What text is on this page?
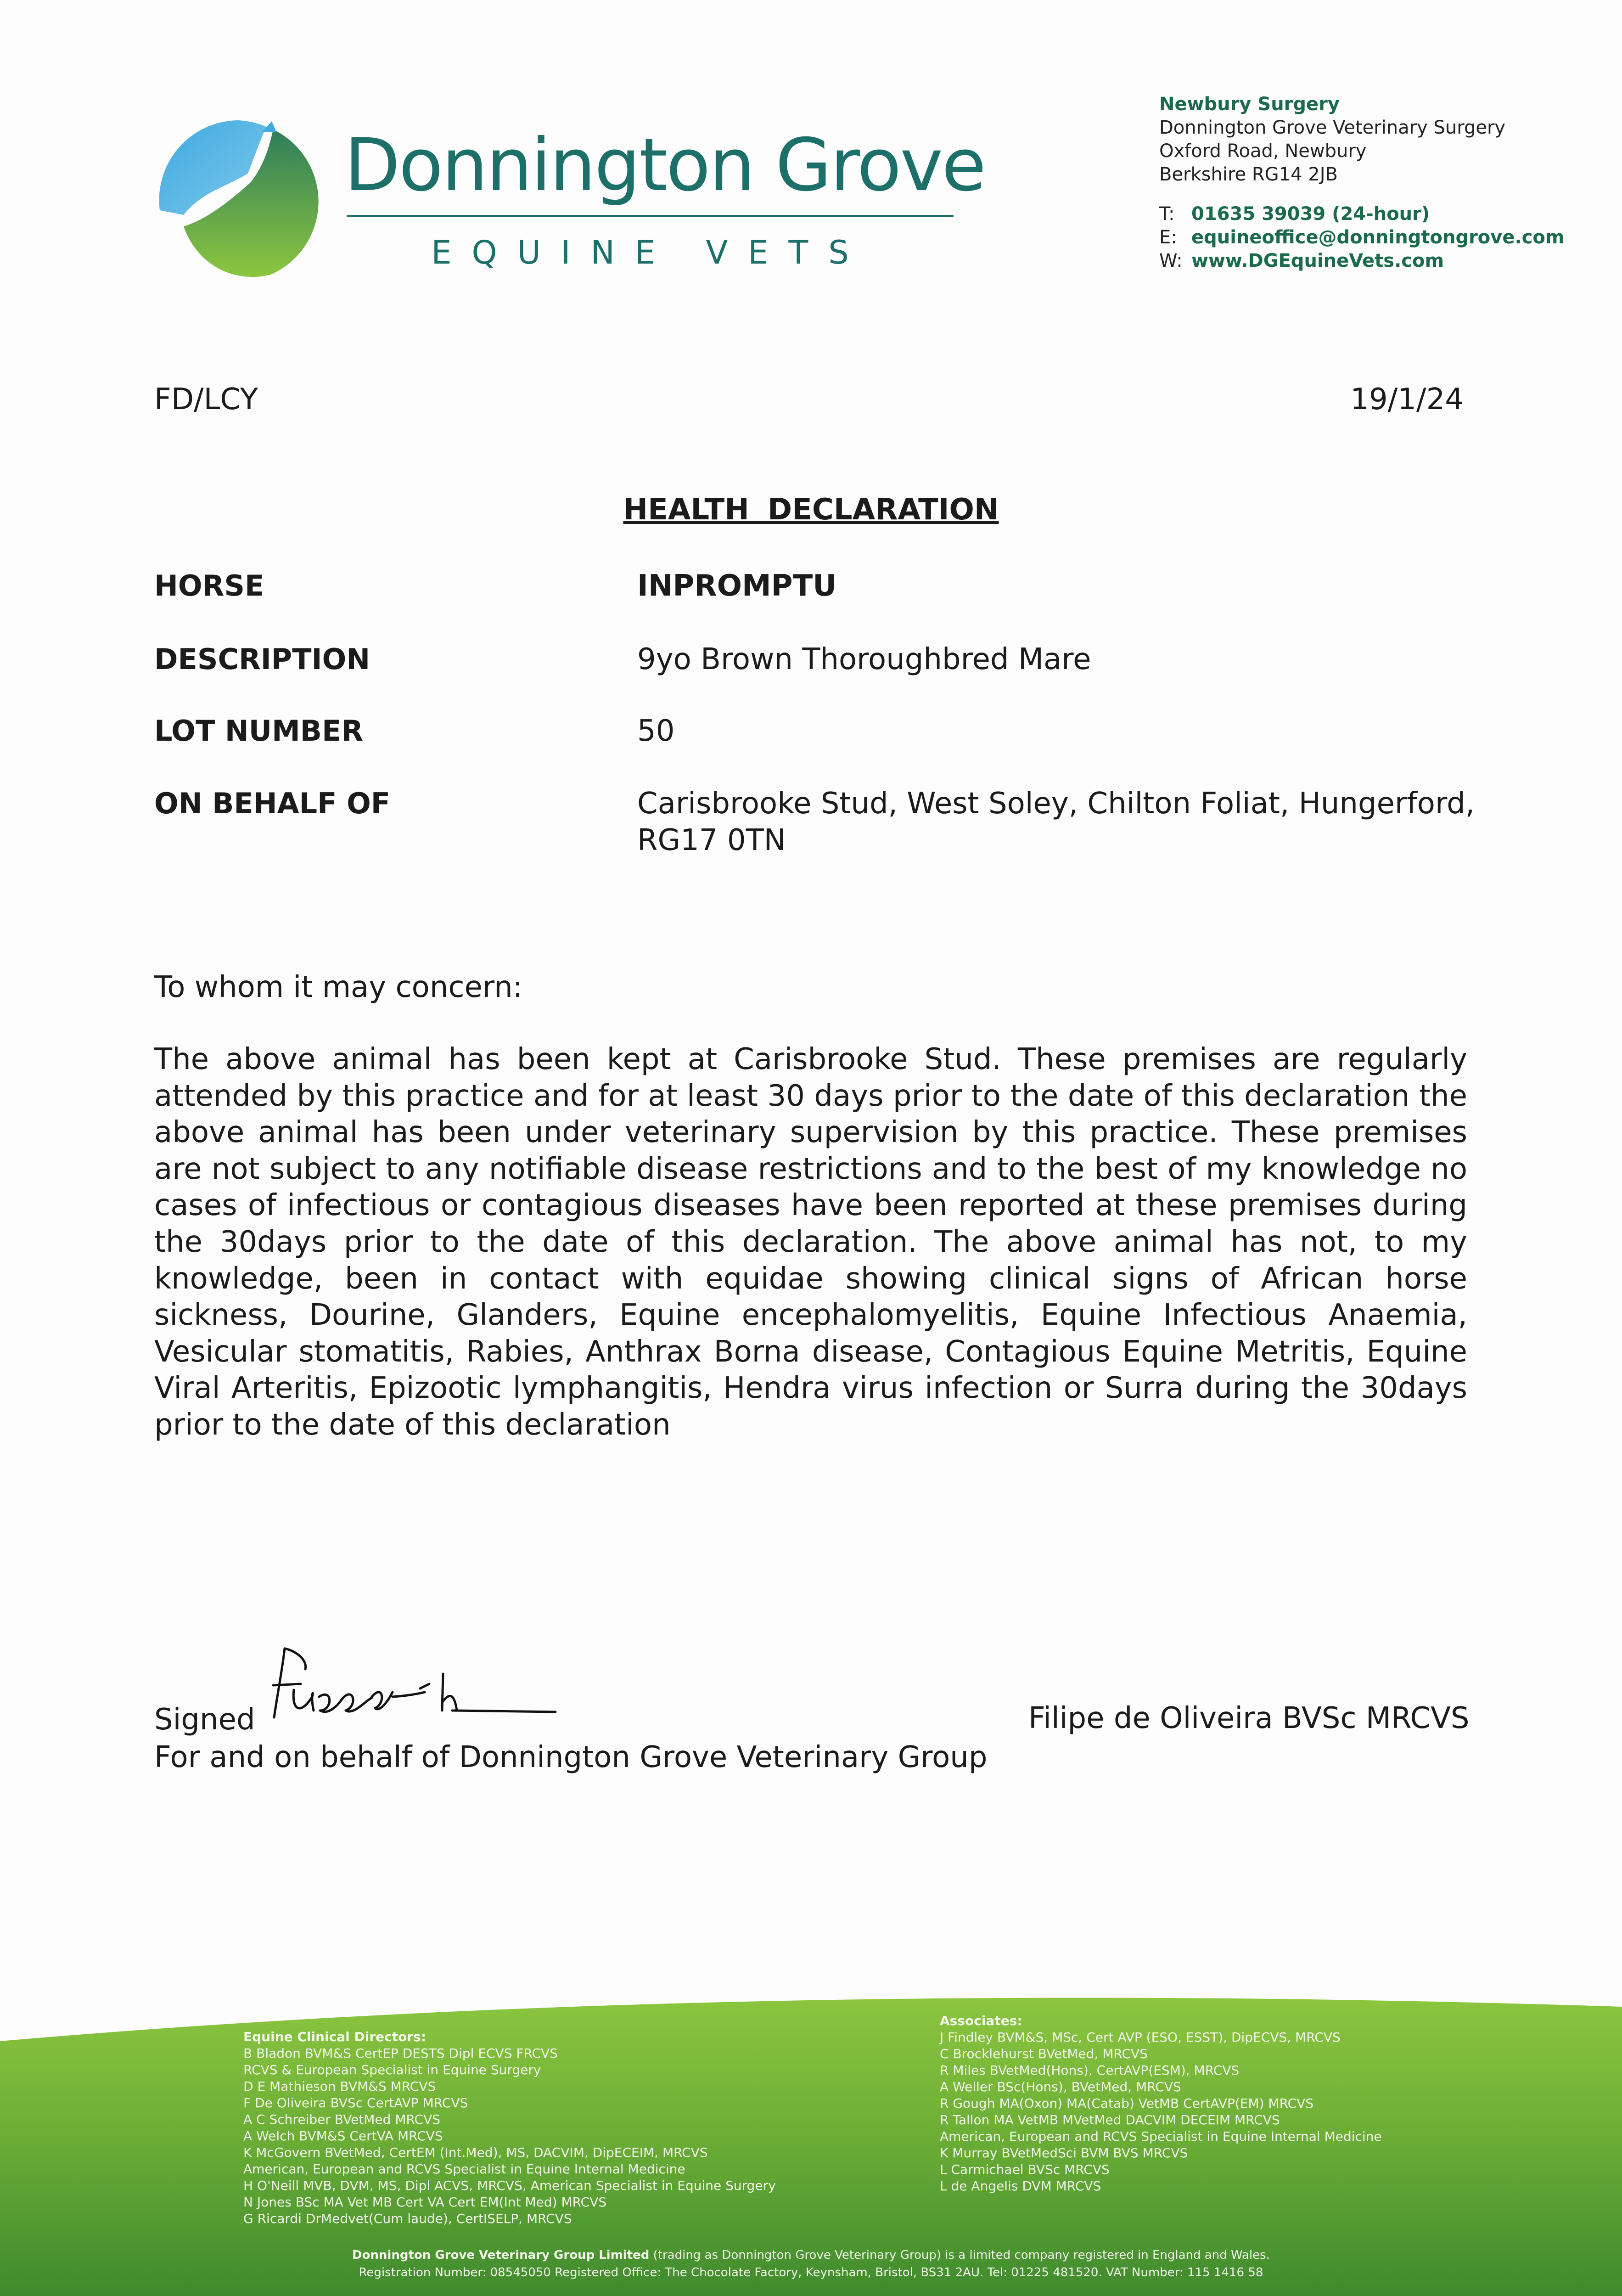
Donnington Grove
EQUINE VETS
Newbury Surgery
Donnington Grove Veterinary Surgery
Oxford Road, Newbury
Berkshire RG14 2JB
T: 01635 39039 (24-hour)
E: equineoffice@donningtongrove.com
W: www.DGEquineVets.com
FD/LCY	19/1/24
HEALTH DECLARATION
HORSE	INPROMPTU
DESCRIPTION	9yo Brown Thoroughbred Mare
LOT NUMBER	50
ON BEHALF OF	Carisbrooke Stud, West Soley, Chilton Foliat, Hungerford, RG17 0TN
To whom it may concern:

The above animal has been kept at Carisbrooke Stud. These premises are regularly attended by this practice and for at least 30 days prior to the date of this declaration the above animal has been under veterinary supervision by this practice. These premises are not subject to any notifiable disease restrictions and to the best of my knowledge no cases of infectious or contagious diseases have been reported at these premises during the 30days prior to the date of this declaration. The above animal has not, to my knowledge, been in contact with equidae showing clinical signs of African horse sickness, Dourine, Glanders, Equine encephalomyelitis, Equine Infectious Anaemia, Vesicular stomatitis, Rabies, Anthrax Borna disease, Contagious Equine Metritis, Equine Viral Arteritis, Epizootic lymphangitis, Hendra virus infection or Surra during the 30days prior to the date of this declaration

Signed	Filipe de Oliveira BVSc MRCVS
For and on behalf of Donnington Grove Veterinary Group
Equine Clinical Directors:
B Bladon BVM&S CertEP DESTS Dipl ECVS FRCVS
RCVS & European Specialist in Equine Surgery
D E Mathieson BVM&S MRCVS
F De Oliveira BVSc CertAVP MRCVS
A C Schreiber BVetMed MRCVS
A Welch BVM&S CertVA MRCVS
K McGovern BVetMed, CertEM (Int.Med), MS, DACVIM, DipECEIM, MRCVS
American, European and RCVS Specialist in Equine Internal Medicine
H O'Neill MVB, DVM, MS, Dipl ACVS, MRCVS, American Specialist in Equine Surgery
N Jones BSc MA Vet MB Cert VA Cert EM(Int Med) MRCVS
G Ricardi DrMedvet(Cum laude), CertISELP, MRCVS
Associates:
J Findley BVM&S, MSc, Cert AVP (ESO, ESST), DipECVS, MRCVS
C Brocklehurst BVetMed, MRCVS
R Miles BVetMed(Hons), CertAVP(ESM), MRCVS
A Weller BSc(Hons), BVetMed, MRCVS
R Gough MA(Oxon) MA(Catab) VetMB CertAVP(EM) MRCVS
R Tallon MA VetMB MVetMed DACVIM DECEIM MRCVS
American, European and RCVS Specialist in Equine Internal Medicine
K Murray BVetMedSci BVM BVS MRCVS
L Carmichael BVSc MRCVS
L de Angelis DVM MRCVS
Donnington Grove Veterinary Group Limited (trading as Donnington Grove Veterinary Group) is a limited company registered in England and Wales.
Registration Number: 08545050 Registered Office: The Chocolate Factory, Keynsham, Bristol, BS31 2AU. Tel: 01225 481520. VAT Number: 115 1416 58
